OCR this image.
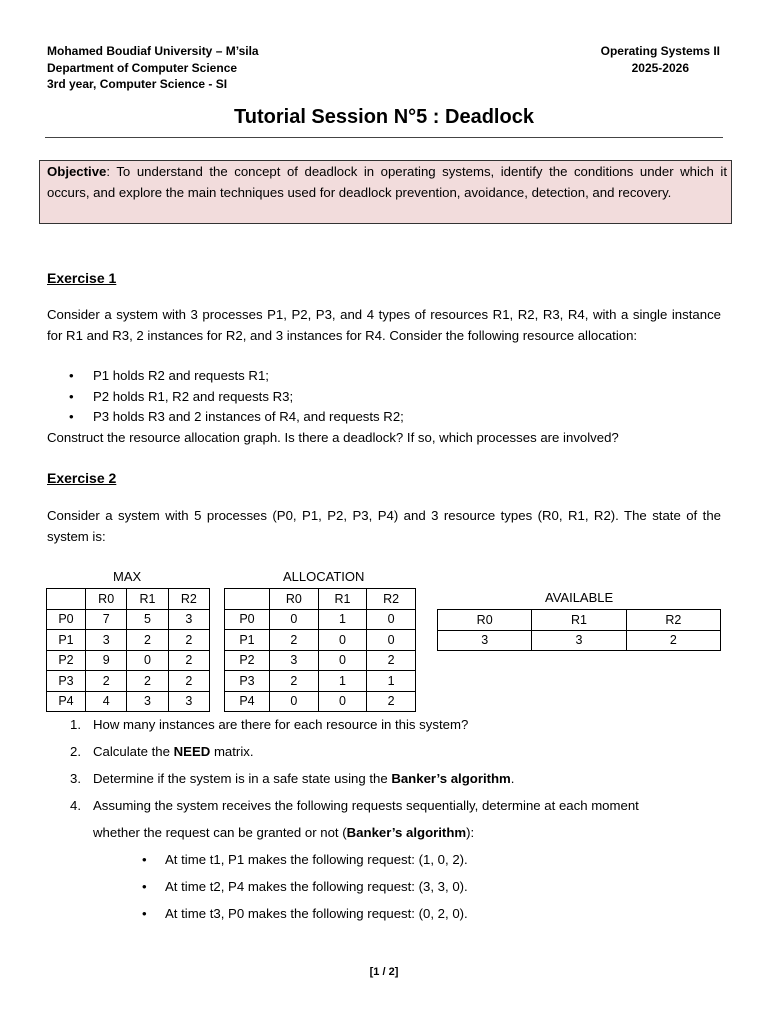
Mohamed Boudiaf University – M’sila
Department of Computer Science
3rd year, Computer Science - SI
Operating Systems II
2025-2026
Tutorial Session N°5 : Deadlock
Objective: To understand the concept of deadlock in operating systems, identify the conditions under which it occurs, and explore the main techniques used for deadlock prevention, avoidance, detection, and recovery.
Exercise 1
Consider a system with 3 processes P1, P2, P3, and 4 types of resources R1, R2, R3, R4, with a single instance for R1 and R3, 2 instances for R2, and 3 instances for R4. Consider the following resource allocation:
• P1 holds R2 and requests R1;
• P2 holds R1, R2 and requests R3;
• P3 holds R3 and 2 instances of R4, and requests R2;
Construct the resource allocation graph. Is there a deadlock? If so, which processes are involved?
Exercise 2
Consider a system with 5 processes (P0, P1, P2, P3, P4) and 3 resource types (R0, R1, R2). The state of the system is:
MAX	ALLOCATION
AVAILABLE
	R0	R1	R2
P0	7	5	3
P1	3	2	2
P2	9	0	2
P3	2	2	2
P4	4	3	3
	R0	R1	R2
P0	0	1	0
P1	2	0	0
P2	3	0	2
P3	2	1	1
P4	0	0	2
R0	R1	R2
3	3	2
1. How many instances are there for each resource in this system?
2. Calculate the NEED matrix.
3. Determine if the system is in a safe state using the Banker’s algorithm.
4. Assuming the system receives the following requests sequentially, determine at each moment
whether the request can be granted or not (Banker’s algorithm):
• At time t1, P1 makes the following request: (1, 0, 2).
• At time t2, P4 makes the following request: (3, 3, 0).
• At time t3, P0 makes the following request: (0, 2, 0).
[1 / 2]
